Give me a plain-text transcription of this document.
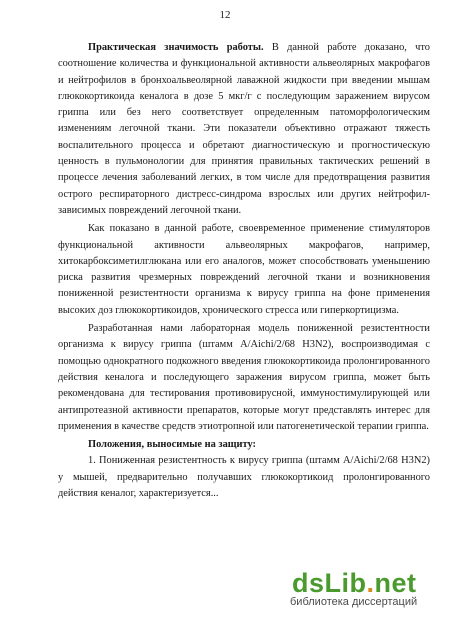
12

Практическая значимость работы. В данной работе доказано, что соотношение количества и функциональной активности альвеолярных макрофагов и нейтрофилов в бронхоальвеолярной лаважной жидкости при введении мышам глюкокортикоида кеналога в дозе 5 мкг/г с последующим заражением вирусом гриппа или без него соответствует определенным патоморфологическим изменениям легочной ткани. Эти показатели объективно отражают тяжесть воспалительного процесса и обретают диагностическую и прогностическую ценность в пульмонологии для принятия правильных тактических решений в процессе лечения заболеваний легких, в том числе для предотвращения развития острого респираторного дистресс-синдрома взрослых или других нейтрофил-зависимых повреждений легочной ткани.

Как показано в данной работе, своевременное применение стимуляторов функциональной активности альвеолярных макрофагов, например, хитокарбоксиметилглюкана или его аналогов, может способствовать уменьшению риска развития чрезмерных повреждений легочной ткани и возникновения пониженной резистентности организма к вирусу гриппа на фоне применения высоких доз глюкокортикоидов, хронического стресса или гиперкортицизма.

Разработанная нами лабораторная модель пониженной резистентности организма к вирусу гриппа (штамм A/Aichi/2/68 H3N2), воспроизводимая с помощью однократного подкожного введения глюкокортикоида пролонгированного действия кеналога и последующего заражения вирусом гриппа, может быть рекомендована для тестирования противовирусной, иммуностимулирующей или антипротеазной активности препаратов, которые могут представлять интерес для применения в качестве средств этиотропной или патогенетической терапии гриппа.

Положения, выносимые на защиту:

1. Пониженная резистентность к вирусу гриппа (штамм A/Aichi/2/68 H3N2) у мышей, предварительно получавших глюкокортикоид пролонгированного действия кеналог, характеризуется...

dsLib.net
библиотека диссертаций
